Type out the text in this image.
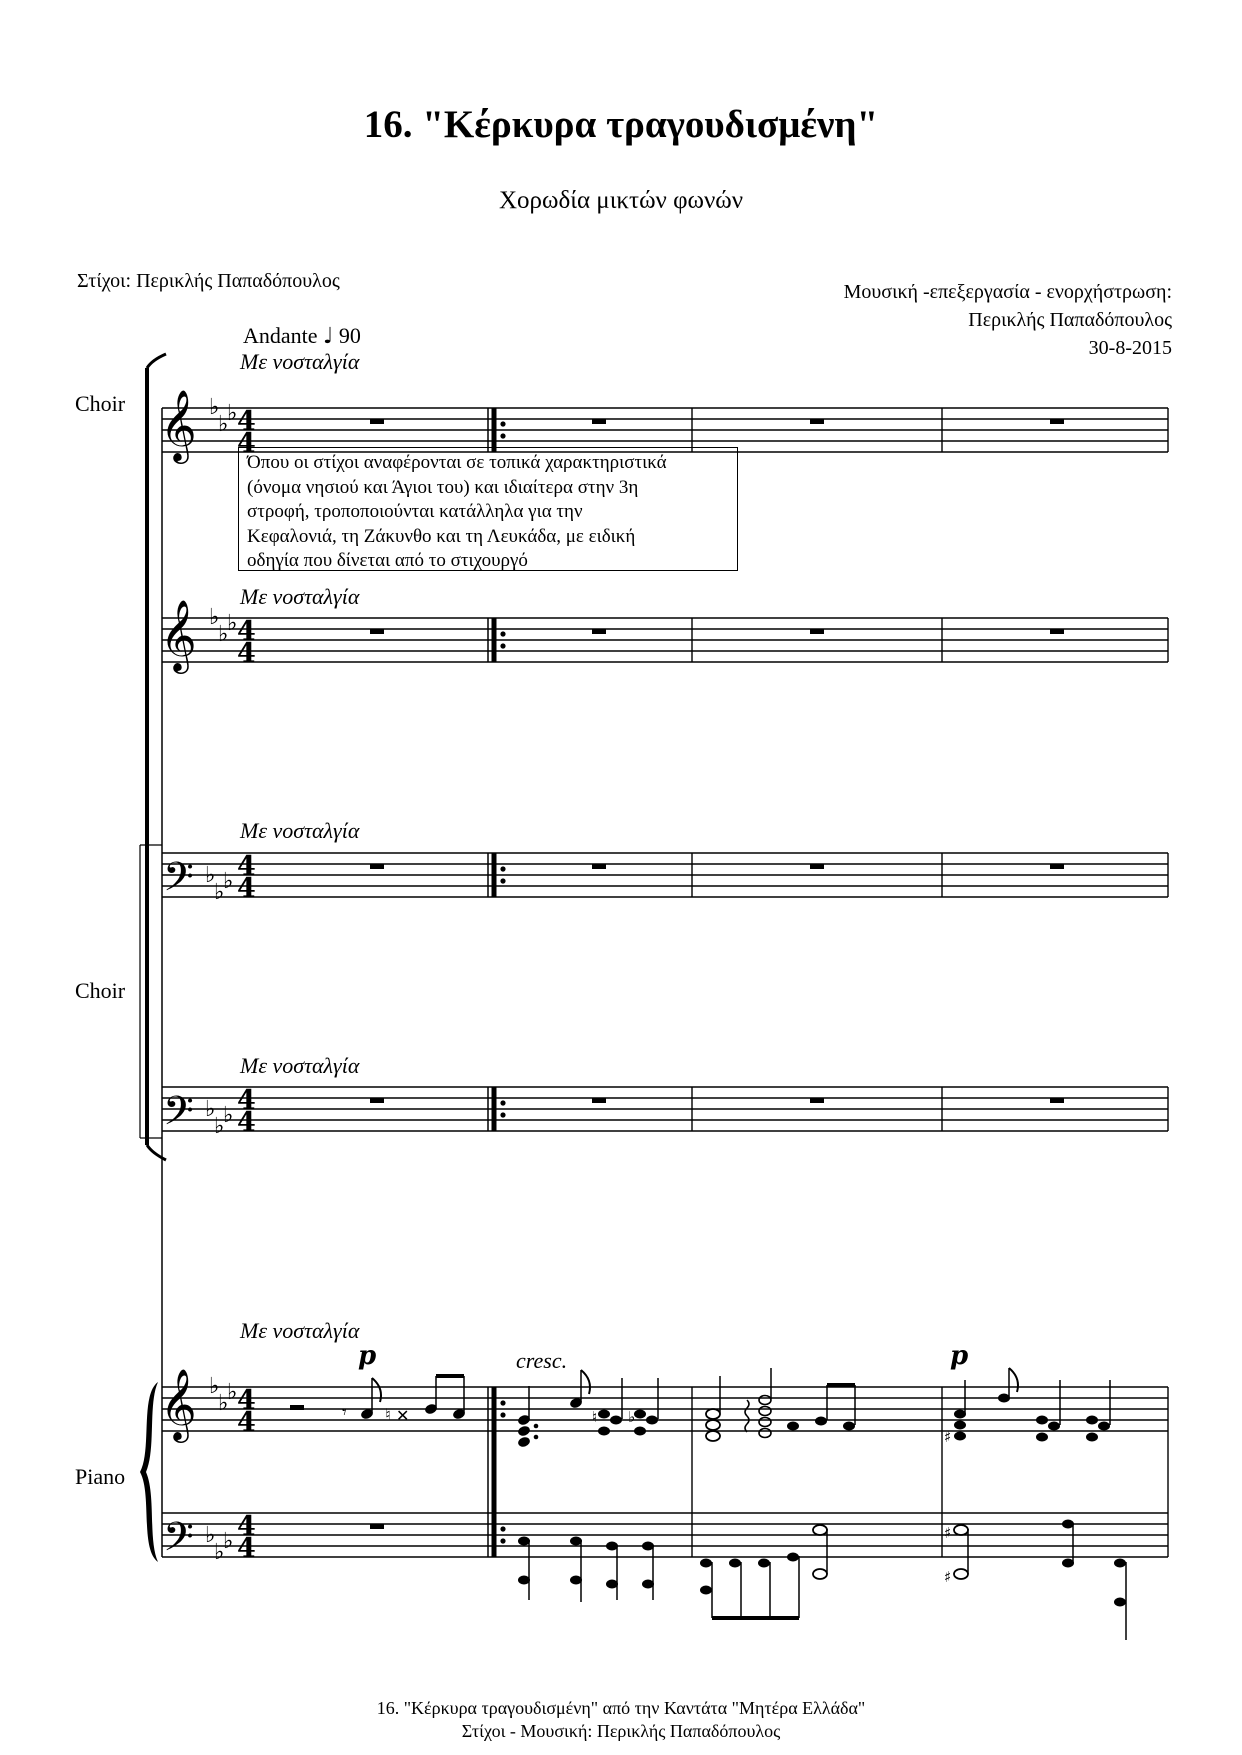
16. "Κέρκυρα τραγουδισμένη"
Χορωδία μικτών φωνών
Στίχοι: Περικλής Παπαδόπουλος	Μουσική -επεξεργασία - ενορχήστρωση:
Περικλής Παπαδόπουλος
30-8-2015
Andante ♩ 90
Με νοσταλγία
Με νοσταλγία
Με νοσταλγία
Με νοσταλγία
Με νοσταλγία
Choir
Choir
Piano
Όπου οι στίχοι αναφέρονται σε τοπικά χαρακτηριστικά
(όνομα νησιού και Άγιοι του) και ιδιαίτερα στην 3η
στροφή, τροποποιούνται κατάλληλα για την
Κεφαλονιά, τη Ζάκυνθο και τη Λευκάδα, με ειδική
οδηγία που δίνεται από το στιχουργό
p	cresc.	p
𝄞
𝄞
𝄢
𝄢
𝄞
𝄢
♭
♭
♭
♭
♭
♭
♭
♭
♭
♭
♭
♭
♭
♭
♭
♭
♭
♭
4
4
4
4
4
4
4
4
4
4
4
4
𝄾 ♮ ✕	♮ ♭
♯
♯
♯
16. "Κέρκυρα τραγουδισμένη" από την Καντάτα "Μητέρα Ελλάδα"
Στίχοι - Μουσική: Περικλής Παπαδόπουλος
